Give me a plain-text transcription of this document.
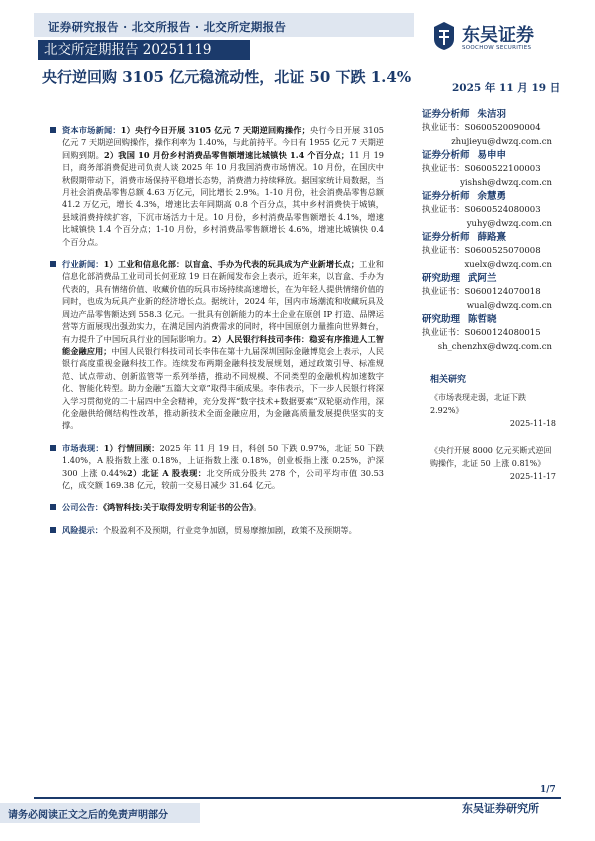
证券研究报告 · 北交所报告 · 北交所定期报告
北交所定期报告 20251119
东吴证券
SOOCHOW SECURITIES
央行逆回购 3105 亿元稳流动性，北证 50 下跌 1.4%
2025 年 11 月 19 日
资本市场新闻：1）央行今日开展 3105 亿元 7 天期逆回购操作；央行今日开展 3105 亿元 7 天期逆回购操作，操作利率为 1.40%，与此前持平。今日有 1955 亿元 7 天期逆回购到期。2）我国 10 月份乡村消费品零售额增速比城镇快 1.4 个百分点；11 月 19 日，商务部消费促进司负责人谈 2025 年 10 月我国消费市场情况。10 月份，在国庆中秋假期带动下，消费市场保持平稳增长态势，消费潜力持续释放。据国家统计局数据，当月社会消费品零售总额 4.63 万亿元，同比增长 2.9%。1-10 月份，社会消费品零售总额 41.2 万亿元，增长 4.3%，增速比去年同期高 0.8 个百分点，其中乡村消费快于城镇，县域消费持续扩容，下沉市场活力十足。10 月份，乡村消费品零售额增长 4.1%，增速比城镇快 1.4 个百分点；1-10 月份，乡村消费品零售额增长 4.6%，增速比城镇快 0.4 个百分点。
行业新闻：1）工业和信息化部：以盲盒、手办为代表的玩具成为产业新增长点；工业和信息化部消费品工业司司长何亚琼 19 日在新闻发布会上表示，近年来，以盲盒、手办为代表的，具有情绪价值、收藏价值的玩具市场持续高速增长，在为年轻人提供情绪价值的同时，也成为玩具产业新的经济增长点。据统计，2024 年，国内市场潮流和收藏玩具及周边产品零售额达到 558.3 亿元。一批具有创新能力的本土企业在原创 IP 打造、品牌运营等方面展现出强劲实力，在满足国内消费需求的同时，将中国原创力量推向世界舞台，有力提升了中国玩具行业的国际影响力。2）人民银行科技司李伟：稳妥有序推进人工智能金融应用；中国人民银行科技司司长李伟在第十九届深圳国际金融博览会上表示，人民银行高度重视金融科技工作。连续发布两期金融科技发展规划，通过政策引导、标准规范、试点带动、创新监管等一系列举措，推动不同规模、不同类型的金融机构加速数字化、智能化转型。助力金融“五篇大文章”取得丰硕成果。李伟表示，下一步人民银行将深入学习贯彻党的二十届四中全会精神，充分发挥“数字技术+数据要素”双轮驱动作用，深化金融供给侧结构性改革，推动新技术全面金融应用，为金融高质量发展提供坚实的支撑。
市场表现：1）行情回顾：2025 年 11 月 19 日，科创 50 下跌 0.97%，北证 50 下跌 1.40%，A 股指数上涨 0.18%，上证指数上涨 0.18%，创业板指上涨 0.25%，沪深 300 上涨 0.44%2）北证 A 股表现：北交所成分股共 278 个，公司平均市值 30.53 亿，成交额 169.38 亿元，较前一交易日减少 31.64 亿元。
公司公告：《鸿智科技:关于取得发明专利证书的公告》。
风险提示：个股盈利不及预期，行业竞争加剧，贸易摩擦加剧，政策不及预期等。
证券分析师 朱洁羽
执业证书：S0600520090004
zhujieyu@dwzq.com.cn
证券分析师 易申申
执业证书：S0600522100003
yishsh@dwzq.com.cn
证券分析师 余慧勇
执业证书：S0600524080003
yuhy@dwzq.com.cn
证券分析师 薛路熹
执业证书：S0600525070008
xuelx@dwzq.com.cn
研究助理 武阿兰
执业证书：S0600124070018
wual@dwzq.com.cn
研究助理 陈哲晓
执业证书：S0600124080015
sh_chenzhx@dwzq.com.cn
相关研究
《市场表现走弱，北证下跌 2.92%》
2025-11-18
《央行开展 8000 亿元买断式逆回购操作，北证 50 上涨 0.81%》
2025-11-17
1/7
请务必阅读正文之后的免责声明部分
东吴证券研究所
